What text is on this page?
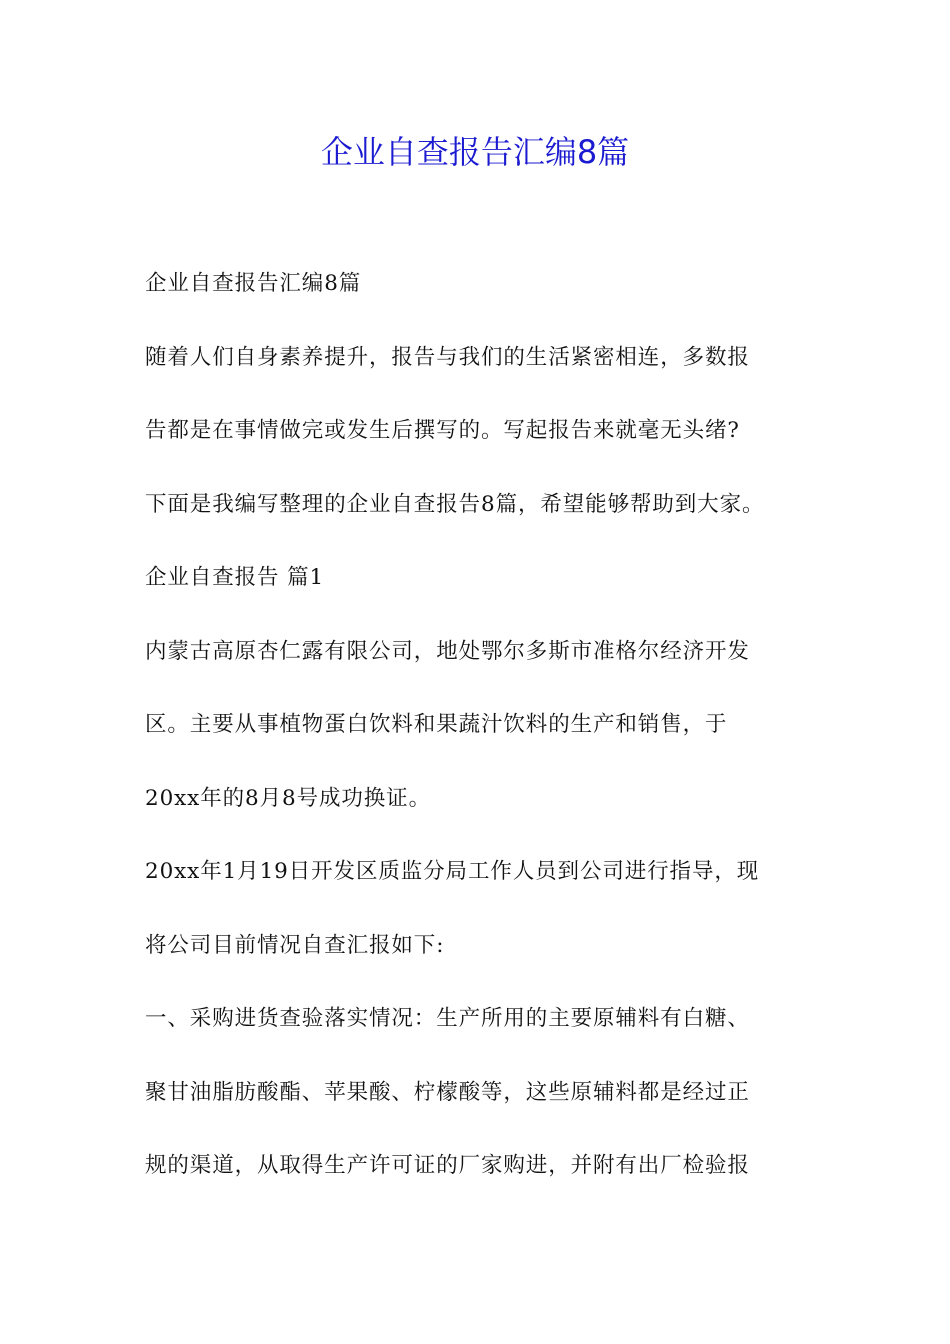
企业自查报告汇编8篇
企业自查报告汇编8篇
随着人们自身素养提升，报告与我们的生活紧密相连，多数报
告都是在事情做完或发生后撰写的。写起报告来就毫无头绪?
下面是我编写整理的企业自查报告8篇，希望能够帮助到大家。
企业自查报告 篇1
内蒙古高原杏仁露有限公司，地处鄂尔多斯市准格尔经济开发
区。主要从事植物蛋白饮料和果蔬汁饮料的生产和销售，于
20xx年的8月8号成功换证。
20xx年1月19日开发区质监分局工作人员到公司进行指导，现
将公司目前情况自查汇报如下:
一、采购进货查验落实情况：生产所用的主要原辅料有白糖、
聚甘油脂肪酸酯、苹果酸、柠檬酸等，这些原辅料都是经过正
规的渠道，从取得生产许可证的厂家购进，并附有出厂检验报
